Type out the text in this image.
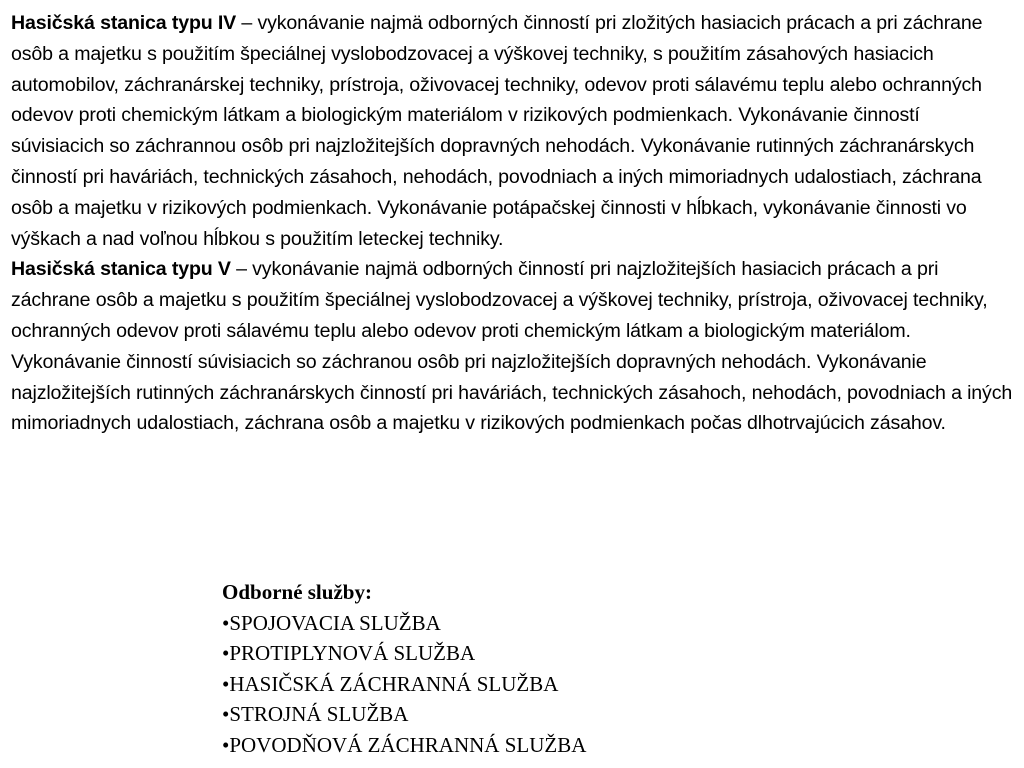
Hasičská stanica typu IV – vykonávanie najmä odborných činností pri zložitých hasiacich prácach a pri záchrane osôb a majetku s použitím špeciálnej vyslobodzovacej a výškovej techniky, s použitím zásahových hasiacich automobilov, záchranárskej techniky, prístroja, oživovacej techniky, odevov proti sálavému teplu alebo ochranných odevov proti chemickým látkam a biologickým materiálom v rizikových podmienkach. Vykonávanie činností súvisiacich so záchrannou osôb pri najzložitejších dopravných nehodách. Vykonávanie rutinných záchranárskych činností pri haváriách, technických zásahoch, nehodách, povodniach a iných mimoriadnych udalostiach, záchrana osôb a majetku v rizikových podmienkach. Vykonávanie potápačskej činnosti v hĺbkach, vykonávanie činnosti vo výškach a nad voľnou hĺbkou s použitím leteckej techniky.

Hasičská stanica typu V – vykonávanie najmä odborných činností pri najzložitejších hasiacich prácach a pri záchrane osôb a majetku s použitím špeciálnej vyslobodzovacej a výškovej techniky, prístroja, oživovacej techniky, ochranných odevov proti sálavému teplu alebo odevov proti chemickým látkam a biologickým materiálom. Vykonávanie činností súvisiacich so záchranou osôb pri najzložitejších dopravných nehodách. Vykonávanie najzložitejších rutinných záchranárskych činností pri haváriách, technických zásahoch, nehodách, povodniach a iných mimoriadnych udalostiach, záchrana osôb a majetku v rizikových podmienkach počas dlhotrvajúcich zásahov.

Odborné služby:

•SPOJOVACIA SLUŽBA
•PROTIPLYNOVÁ SLUŽBA
•HASIČSKÁ ZÁCHRANNÁ SLUŽBA
•STROJNÁ SLUŽBA
•POVODŇOVÁ ZÁCHRANNÁ SLUŽBA
